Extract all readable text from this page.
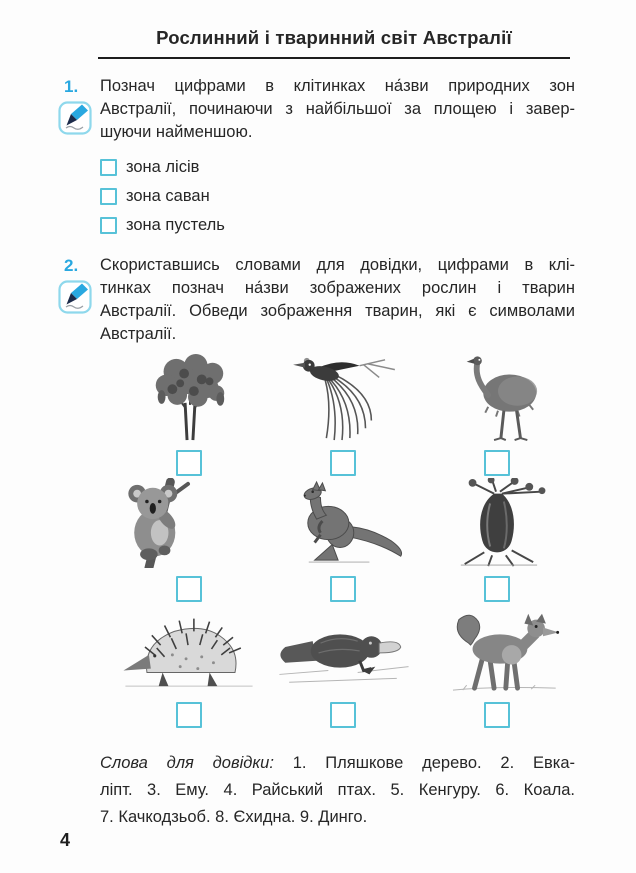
Рослинний і тваринний світ Австралії
1.	Познач цифрами в клітинках на́зви природних зон
Австралії, починаючи з найбільшої за площею і завер-
шуючи найменшою.
зона лісів
зона саван
зона пустель
2.	Скориставшись словами для довідки, цифрами в клі-
тинках познач на́зви зображених рослин і тварин
Австралії. Обведи зображення тварин, які є символами
Австралії.
Слова для довідки: 1. Пляшкове дерево. 2. Евка-
ліпт. 3. Ему. 4. Райський птах. 5. Кенгуру. 6. Коала.
7. Качкодзьоб. 8. Єхидна. 9. Динго.
4
